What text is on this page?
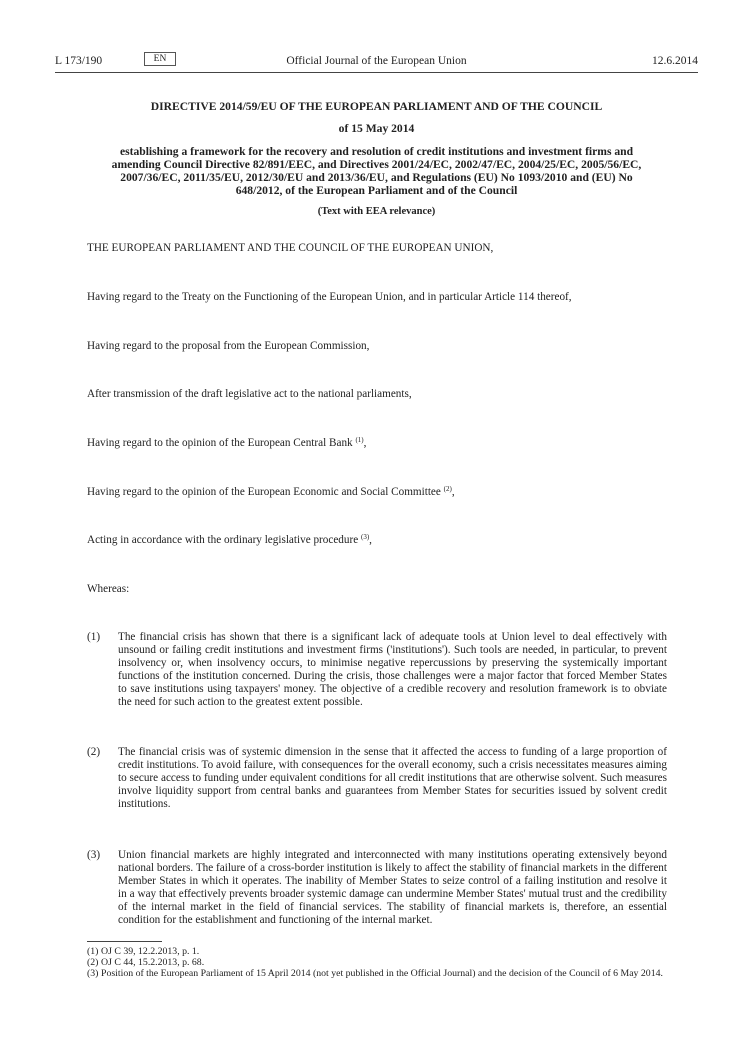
L 173/190	EN	Official Journal of the European Union	12.6.2014
DIRECTIVE 2014/59/EU OF THE EUROPEAN PARLIAMENT AND OF THE COUNCIL
of 15 May 2014
establishing a framework for the recovery and resolution of credit institutions and investment firms and amending Council Directive 82/891/EEC, and Directives 2001/24/EC, 2002/47/EC, 2004/25/EC, 2005/56/EC, 2007/36/EC, 2011/35/EU, 2012/30/EU and 2013/36/EU, and Regulations (EU) No 1093/2010 and (EU) No 648/2012, of the European Parliament and of the Council
(Text with EEA relevance)
THE EUROPEAN PARLIAMENT AND THE COUNCIL OF THE EUROPEAN UNION,
Having regard to the Treaty on the Functioning of the European Union, and in particular Article 114 thereof,
Having regard to the proposal from the European Commission,
After transmission of the draft legislative act to the national parliaments,
Having regard to the opinion of the European Central Bank $^{(1)}$,
Having regard to the opinion of the European Economic and Social Committee $^{(2)}$,
Acting in accordance with the ordinary legislative procedure $^{(3)}$,
Whereas:
(1) The financial crisis has shown that there is a significant lack of adequate tools at Union level to deal effectively with unsound or failing credit institutions and investment firms ('institutions'). Such tools are needed, in particular, to prevent insolvency or, when insolvency occurs, to minimise negative repercussions by preserving the systemically important functions of the institution concerned. During the crisis, those challenges were a major factor that forced Member States to save institutions using taxpayers' money. The objective of a credible recovery and resolution framework is to obviate the need for such action to the greatest extent possible.
(2) The financial crisis was of systemic dimension in the sense that it affected the access to funding of a large proportion of credit institutions. To avoid failure, with consequences for the overall economy, such a crisis necessitates measures aiming to secure access to funding under equivalent conditions for all credit institutions that are otherwise solvent. Such measures involve liquidity support from central banks and guarantees from Member States for securities issued by solvent credit institutions.
(3) Union financial markets are highly integrated and interconnected with many institutions operating extensively beyond national borders. The failure of a cross-border institution is likely to affect the stability of financial markets in the different Member States in which it operates. The inability of Member States to seize control of a failing institution and resolve it in a way that effectively prevents broader systemic damage can undermine Member States' mutual trust and the credibility of the internal market in the field of financial services. The stability of financial markets is, therefore, an essential condition for the establishment and functioning of the internal market.
(1) OJ C 39, 12.2.2013, p. 1.
(2) OJ C 44, 15.2.2013, p. 68.
(3) Position of the European Parliament of 15 April 2014 (not yet published in the Official Journal) and the decision of the Council of 6 May 2014.
